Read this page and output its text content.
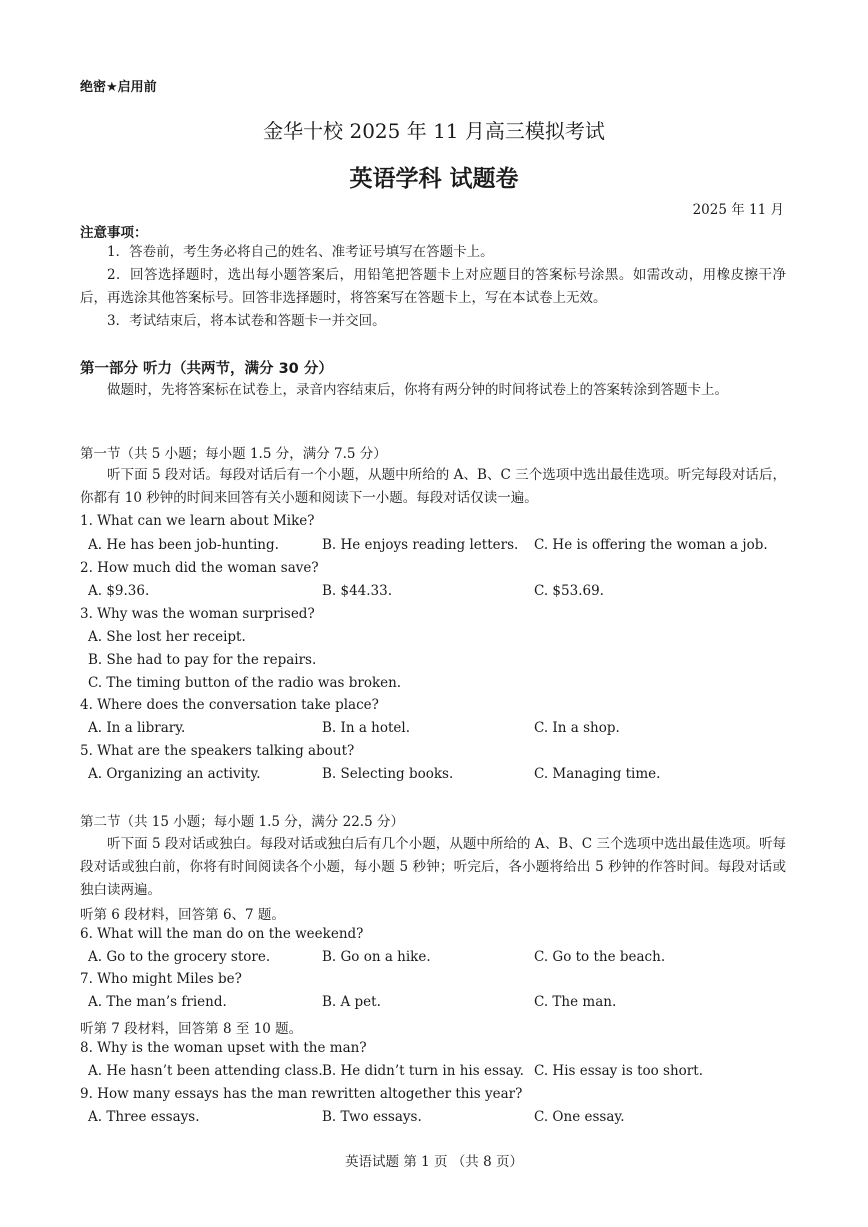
绝密★启用前
金华十校 2025 年 11 月高三模拟考试
英语学科 试题卷
2025 年 11 月
注意事项：
1．答卷前，考生务必将自己的姓名、准考证号填写在答题卡上。
2．回答选择题时，选出每小题答案后，用铅笔把答题卡上对应题目的答案标号涂黑。如需改动，用橡皮擦干净后，再选涂其他答案标号。回答非选择题时，将答案写在答题卡上，写在本试卷上无效。
3．考试结束后，将本试卷和答题卡一并交回。
第一部分 听力（共两节，满分 30 分）
做题时，先将答案标在试卷上，录音内容结束后，你将有两分钟的时间将试卷上的答案转涂到答题卡上。
第一节（共 5 小题；每小题 1.5 分，满分 7.5 分）
听下面 5 段对话。每段对话后有一个小题，从题中所给的 A、B、C 三个选项中选出最佳选项。听完每段对话后，你都有 10 秒钟的时间来回答有关小题和阅读下一小题。每段对话仅读一遍。
1. What can we learn about Mike?
A. He has been job-hunting.	B. He enjoys reading letters. C. He is offering the woman a job.
2. How much did the woman save?
A. $9.36.	B. $44.33.	C. $53.69.
3. Why was the woman surprised?
A. She lost her receipt.
B. She had to pay for the repairs.
C. The timing button of the radio was broken.
4. Where does the conversation take place?
A. In a library.	B. In a hotel.	C. In a shop.
5. What are the speakers talking about?
A. Organizing an activity.	B. Selecting books.	C. Managing time.
第二节（共 15 小题；每小题 1.5 分，满分 22.5 分）
听下面 5 段对话或独白。每段对话或独白后有几个小题，从题中所给的 A、B、C 三个选项中选出最佳选项。听每段对话或独白前，你将有时间阅读各个小题，每小题 5 秒钟；听完后，各小题将给出 5 秒钟的作答时间。每段对话或独白读两遍。
听第 6 段材料，回答第 6、7 题。
6. What will the man do on the weekend?
A. Go to the grocery store.	B. Go on a hike.	C. Go to the beach.
7. Who might Miles be?
A. The man’s friend.	B. A pet.	C. The man.
听第 7 段材料，回答第 8 至 10 题。
8. Why is the woman upset with the man?
A. He hasn’t been attending class. B. He didn’t turn in his essay. C. His essay is too short.
9. How many essays has the man rewritten altogether this year?
A. Three essays.	B. Two essays.	C. One essay.
英语试题 第 1 页 （共 8 页）
